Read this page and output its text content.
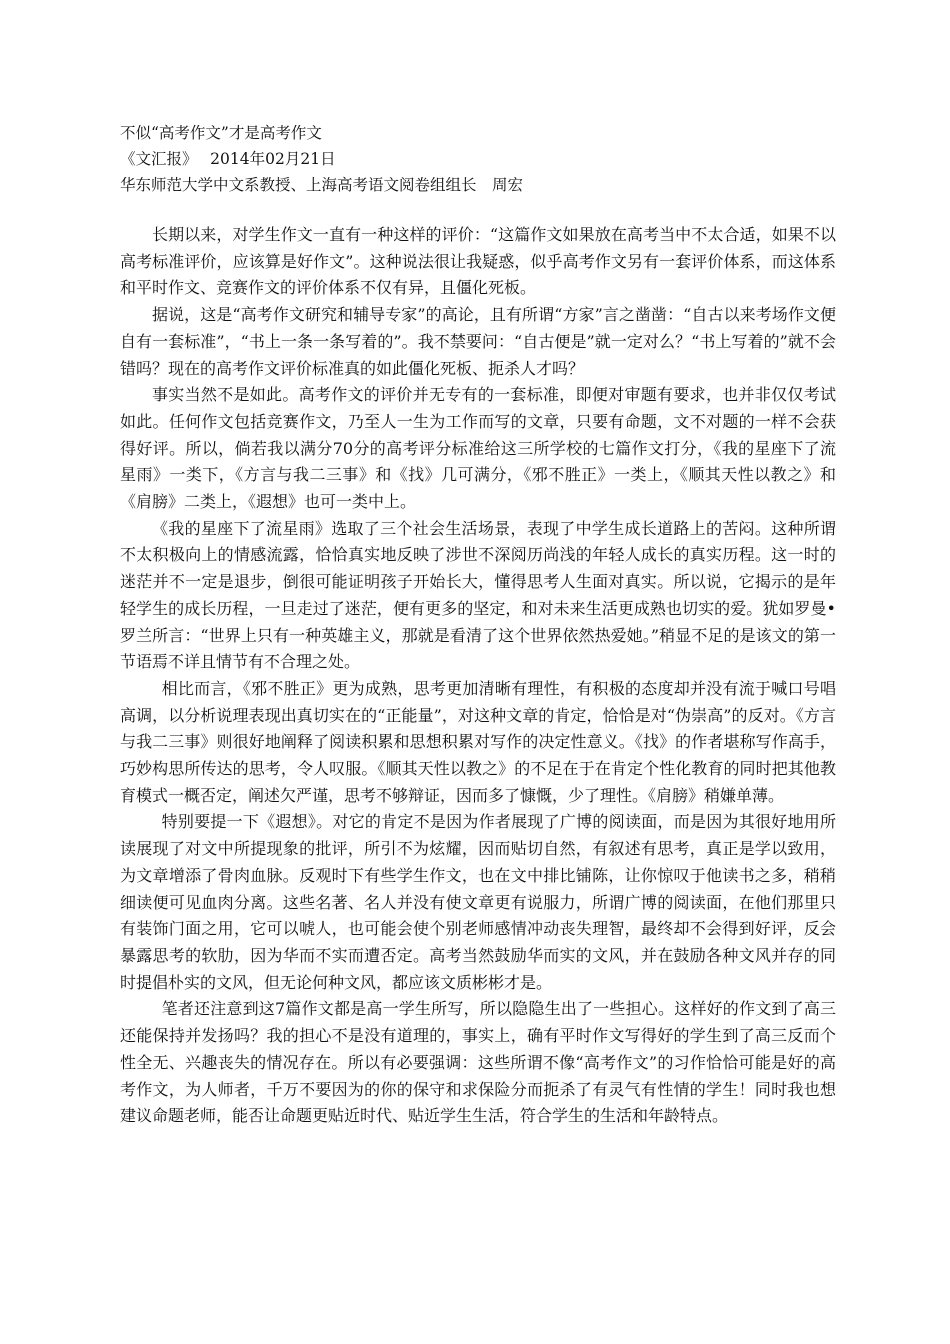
不似“高考作文”才是高考作文

《文汇报》　 2014年02月21日

华东师范大学中文系教授、上海高考语文阅卷组组长　周宏

长期以来，对学生作文一直有一种这样的评价：“这篇作文如果放在高考当中不太合适，如果不以高考标准评价，应该算是好作文”。这种说法很让我疑惑，似乎高考作文另有一套评价体系，而这体系和平时作文、竞赛作文的评价体系不仅有异，且僵化死板。

据说，这是“高考作文研究和辅导专家”的高论，且有所谓“方家”言之凿凿：“自古以来考场作文便自有一套标准”，“书上一条一条写着的”。我不禁要问：“自古便是”就一定对么？“书上写着的”就不会错吗？现在的高考作文评价标准真的如此僵化死板、扼杀人才吗？

事实当然不是如此。高考作文的评价并无专有的一套标准，即便对审题有要求，也并非仅仅考试如此。任何作文包括竞赛作文，乃至人一生为工作而写的文章，只要有命题，文不对题的一样不会获得好评。所以，倘若我以满分70分的高考评分标准给这三所学校的七篇作文打分，《我的星座下了流星雨》一类下，《方言与我二三事》和《找》几可满分，《邪不胜正》一类上，《顺其天性以教之》和《肩膀》二类上，《遐想》也可一类中上。

《我的星座下了流星雨》选取了三个社会生活场景，表现了中学生成长道路上的苦闷。这种所谓不太积极向上的情感流露，恰恰真实地反映了涉世不深阅历尚浅的年轻人成长的真实历程。这一时的迷茫并不一定是退步，倒很可能证明孩子开始长大，懂得思考人生面对真实。所以说，它揭示的是年轻学生的成长历程，一旦走过了迷茫，便有更多的坚定，和对未来生活更成熟也切实的爱。犹如罗曼•罗兰所言：“世界上只有一种英雄主义，那就是看清了这个世界依然热爱她。”稍显不足的是该文的第一节语焉不详且情节有不合理之处。

相比而言，《邪不胜正》更为成熟，思考更加清晰有理性，有积极的态度却并没有流于喊口号唱高调，以分析说理表现出真切实在的“正能量”，对这种文章的肯定，恰恰是对“伪崇高”的反对。《方言与我二三事》则很好地阐释了阅读积累和思想积累对写作的决定性意义。《找》的作者堪称写作高手，巧妙构思所传达的思考，令人叹服。《顺其天性以教之》的不足在于在肯定个性化教育的同时把其他教育模式一概否定，阐述欠严谨，思考不够辩证，因而多了慷慨，少了理性。《肩膀》稍嫌单薄。

特别要提一下《遐想》。对它的肯定不是因为作者展现了广博的阅读面，而是因为其很好地用所读展现了对文中所提现象的批评，所引不为炫耀，因而贴切自然，有叙述有思考，真正是学以致用，为文章增添了骨肉血脉。反观时下有些学生作文，也在文中排比铺陈，让你惊叹于他读书之多，稍稍细读便可见血肉分离。这些名著、名人并没有使文章更有说服力，所谓广博的阅读面，在他们那里只有装饰门面之用，它可以唬人，也可能会使个别老师感情冲动丧失理智，最终却不会得到好评，反会暴露思考的软肋，因为华而不实而遭否定。高考当然鼓励华而实的文风，并在鼓励各种文风并存的同时提倡朴实的文风，但无论何种文风，都应该文质彬彬才是。

笔者还注意到这7篇作文都是高一学生所写，所以隐隐生出了一些担心。这样好的作文到了高三还能保持并发扬吗？我的担心不是没有道理的，事实上，确有平时作文写得好的学生到了高三反而个性全无、兴趣丧失的情况存在。所以有必要强调：这些所谓不像“高考作文”的习作恰恰可能是好的高考作文，为人师者，千万不要因为的你的保守和求保险分而扼杀了有灵气有性情的学生！同时我也想建议命题老师，能否让命题更贴近时代、贴近学生生活，符合学生的生活和年龄特点。
